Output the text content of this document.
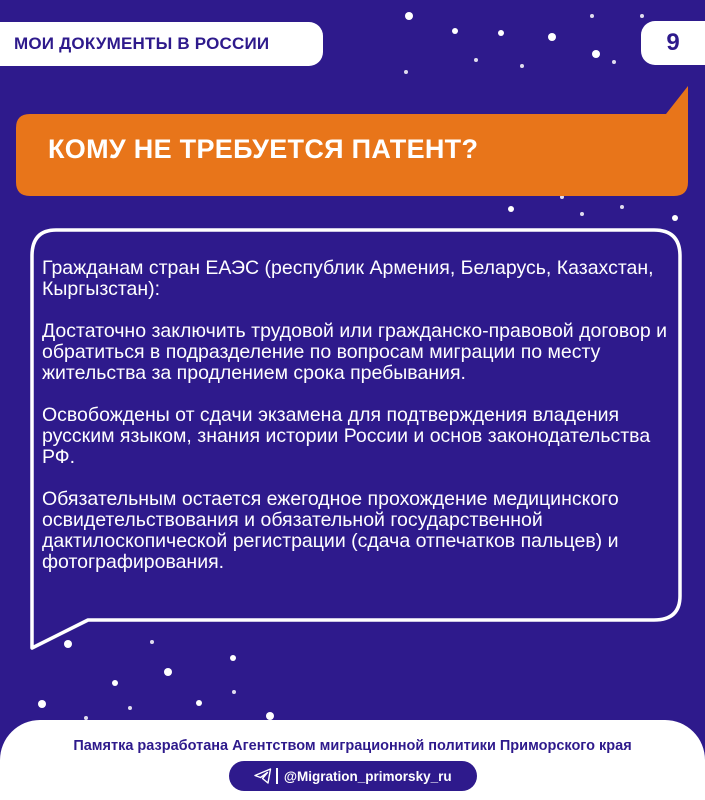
МОИ ДОКУМЕНТЫ В РОССИИ	9
КОМУ НЕ ТРЕБУЕТСЯ ПАТЕНТ?

Гражданам стран ЕАЭС (республик Армения, Беларусь, Казахстан, Кыргызстан):

Достаточно заключить трудовой или гражданско-правовой договор и обратиться в подразделение по вопросам миграции по месту жительства за продлением срока пребывания.

Освобождены от сдачи экзамена для подтверждения владения русским языком, знания истории России и основ законодательства РФ.

Обязательным остается ежегодное прохождение медицинского освидетельствования и обязательной государственной дактилоскопической регистрации (сдача отпечатков пальцев) и фотографирования.

Памятка разработана Агентством миграционной политики Приморского края
@Migration_primorsky_ru
